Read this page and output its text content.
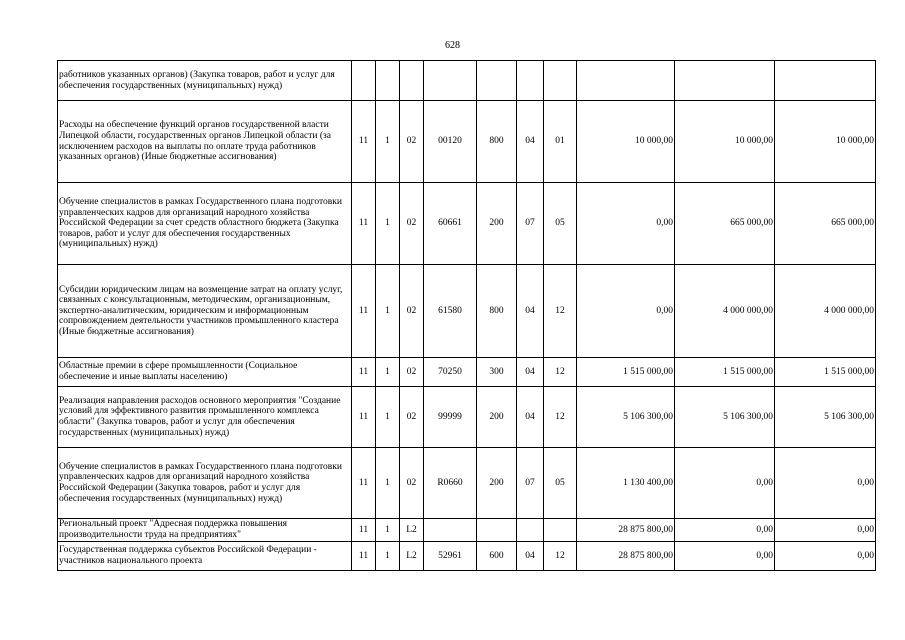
628
работников указанных органов) (Закупка товаров, работ и услуг для обеспечения государственных (муниципальных) нужд)										
Расходы на обеспечение функций органов государственной власти Липецкой области, государственных органов Липецкой области (за исключением расходов на выплаты по оплате труда работников указанных органов) (Иные бюджетные ассигнования)	11	1	02	00120	800	04	01	10 000,00	10 000,00	10 000,00
Обучение специалистов в рамках Государственного плана подготовки управленческих кадров для организаций народного хозяйства Российской Федерации за счет средств областного бюджета (Закупка товаров, работ и услуг для обеспечения государственных (муниципальных) нужд)	11	1	02	60661	200	07	05	0,00	665 000,00	665 000,00
Субсидии юридическим лицам на возмещение затрат на оплату услуг, связанных с консультационным, методическим, организационным, экспертно-аналитическим, юридическим и информационным сопровождением деятельности участников промышленного кластера (Иные бюджетные ассигнования)	11	1	02	61580	800	04	12	0,00	4 000 000,00	4 000 000,00
Областные премии в сфере промышленности (Социальное обеспечение и иные выплаты населению)	11	1	02	70250	300	04	12	1 515 000,00	1 515 000,00	1 515 000,00
Реализация направления расходов основного мероприятия "Создание условий для эффективного развития промышленного комплекса области" (Закупка товаров, работ и услуг для обеспечения государственных (муниципальных) нужд)	11	1	02	99999	200	04	12	5 106 300,00	5 106 300,00	5 106 300,00
Обучение специалистов в рамках Государственного плана подготовки управленческих кадров для организаций народного хозяйства Российской Федерации (Закупка товаров, работ и услуг для обеспечения государственных (муниципальных) нужд)	11	1	02	R0660	200	07	05	1 130 400,00	0,00	0,00
Региональный проект "Адресная поддержка повышения производительности труда на предприятиях"	11	1	L2					28 875 800,00	0,00	0,00
Государственная поддержка субъектов Российской Федерации - участников национального проекта	11	1	L2	52961	600	04	12	28 875 800,00	0,00	0,00
